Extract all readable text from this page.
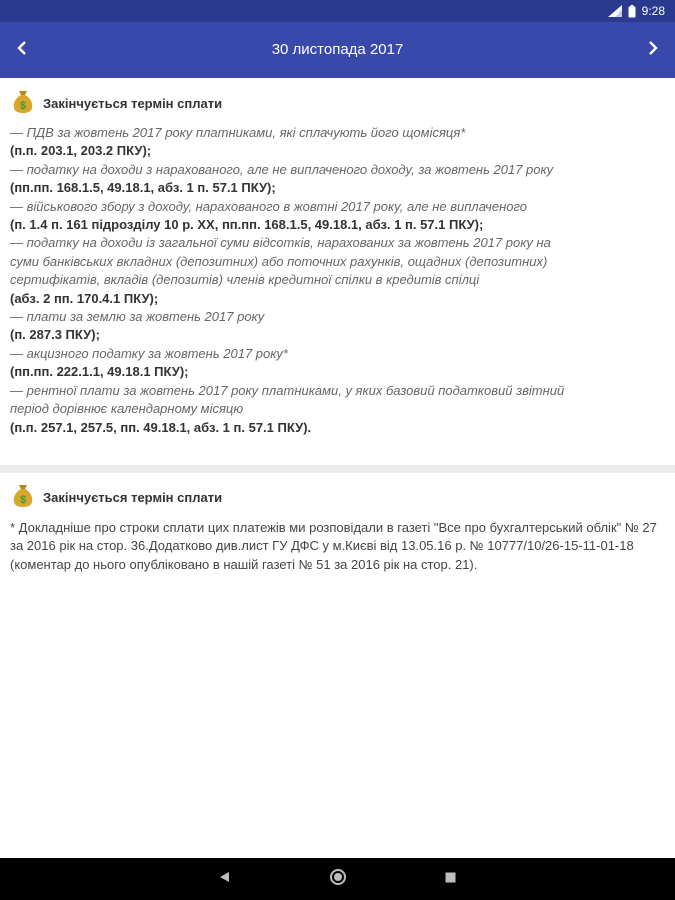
9:28
30 листопада 2017
$ Закінчується термін сплати
— ПДВ за жовтень 2017 року платниками, які сплачують його щомісяця*
(п.п. 203.1, 203.2 ПКУ);
— податку на доходи з нарахованого, але не виплаченого доходу, за жовтень 2017 року
(пп.пп. 168.1.5, 49.18.1, абз. 1 п. 57.1 ПКУ);
— військового збору з доходу, нарахованого в жовтні 2017 року, але не виплаченого
(п. 1.4 п. 161 підрозділу 10 р. XX, пп.пп. 168.1.5, 49.18.1, абз. 1 п. 57.1 ПКУ);
— податку на доходи із загальної суми відсотків, нарахованих за жовтень 2017 року на
суми банківських вкладних (депозитних) або поточних рахунків, ощадних (депозитних)
сертифікатів, вкладів (депозитів) членів кредитної спілки в кредитів спілці
(абз. 2 пп. 170.4.1 ПКУ);
— плати за землю за жовтень 2017 року
(п. 287.3 ПКУ);
— акцизного податку за жовтень 2017 року*
(пп.пп. 222.1.1, 49.18.1 ПКУ);
— рентної плати за жовтень 2017 року платниками, у яких базовий податковий звітний
період дорівнює календарному місяцю
(п.п. 257.1, 257.5, пп. 49.18.1, абз. 1 п. 57.1 ПКУ).
$ Закінчується термін сплати
* Докладніше про строки сплати цих платежів ми розповідали в газеті "Все про бухгалтерський облік" № 27 за 2016 рік на стор. 36.Додатково див.лист ГУ ДФС у м.Києві від 13.05.16 р. № 10777/10/26-15-11-01-18 (коментар до нього опубліковано в нашій газеті № 51 за 2016 рік на стор. 21).
